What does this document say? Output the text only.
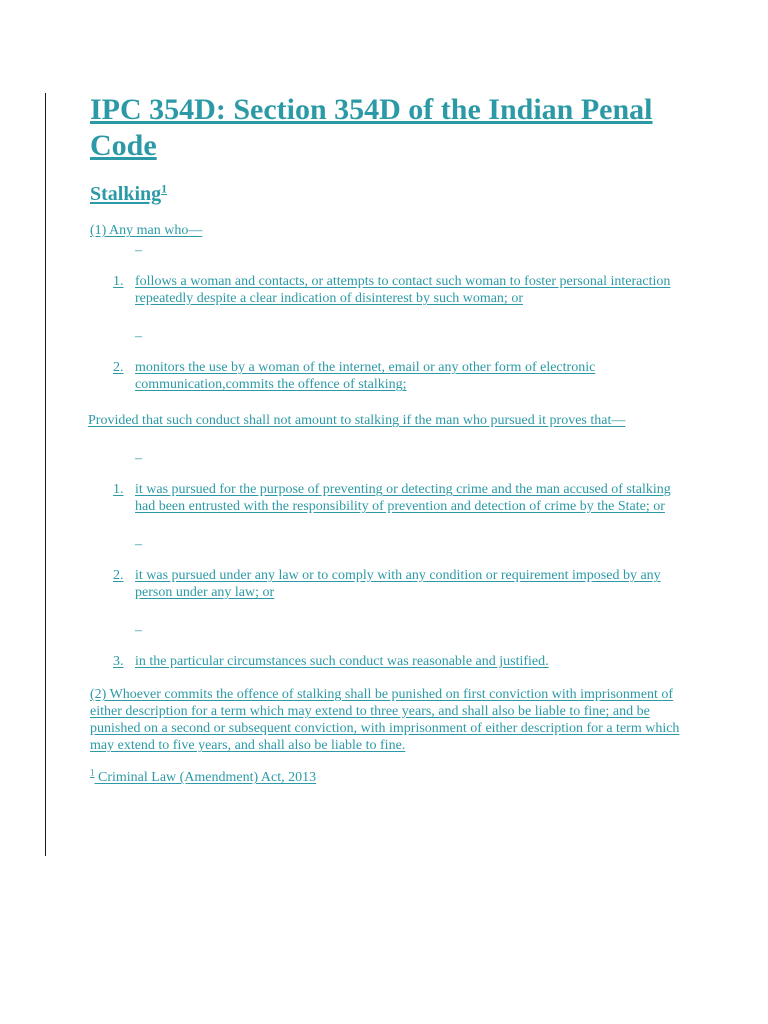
IPC 354D: Section 354D of the Indian Penal Code
Stalking$^1$

(1) Any man who—

–
1. follows a woman and contacts, or attempts to contact such woman to foster personal interaction repeatedly despite a clear indication of disinterest by such woman; or
–
2. monitors the use by a woman of the internet, email or any other form of electronic communication,commits the offence of stalking;

Provided that such conduct shall not amount to stalking if the man who pursued it proves that—

–
1. it was pursued for the purpose of preventing or detecting crime and the man accused of stalking had been entrusted with the responsibility of prevention and detection of crime by the State; or
–
2. it was pursued under any law or to comply with any condition or requirement imposed by any person under any law; or
–
3. in the particular circumstances such conduct was reasonable and justified.

(2) Whoever commits the offence of stalking shall be punished on first conviction with imprisonment of either description for a term which may extend to three years, and shall also be liable to fine; and be punished on a second or subsequent conviction, with imprisonment of either description for a term which may extend to five years, and shall also be liable to fine.

$^1$ Criminal Law (Amendment) Act, 2013
